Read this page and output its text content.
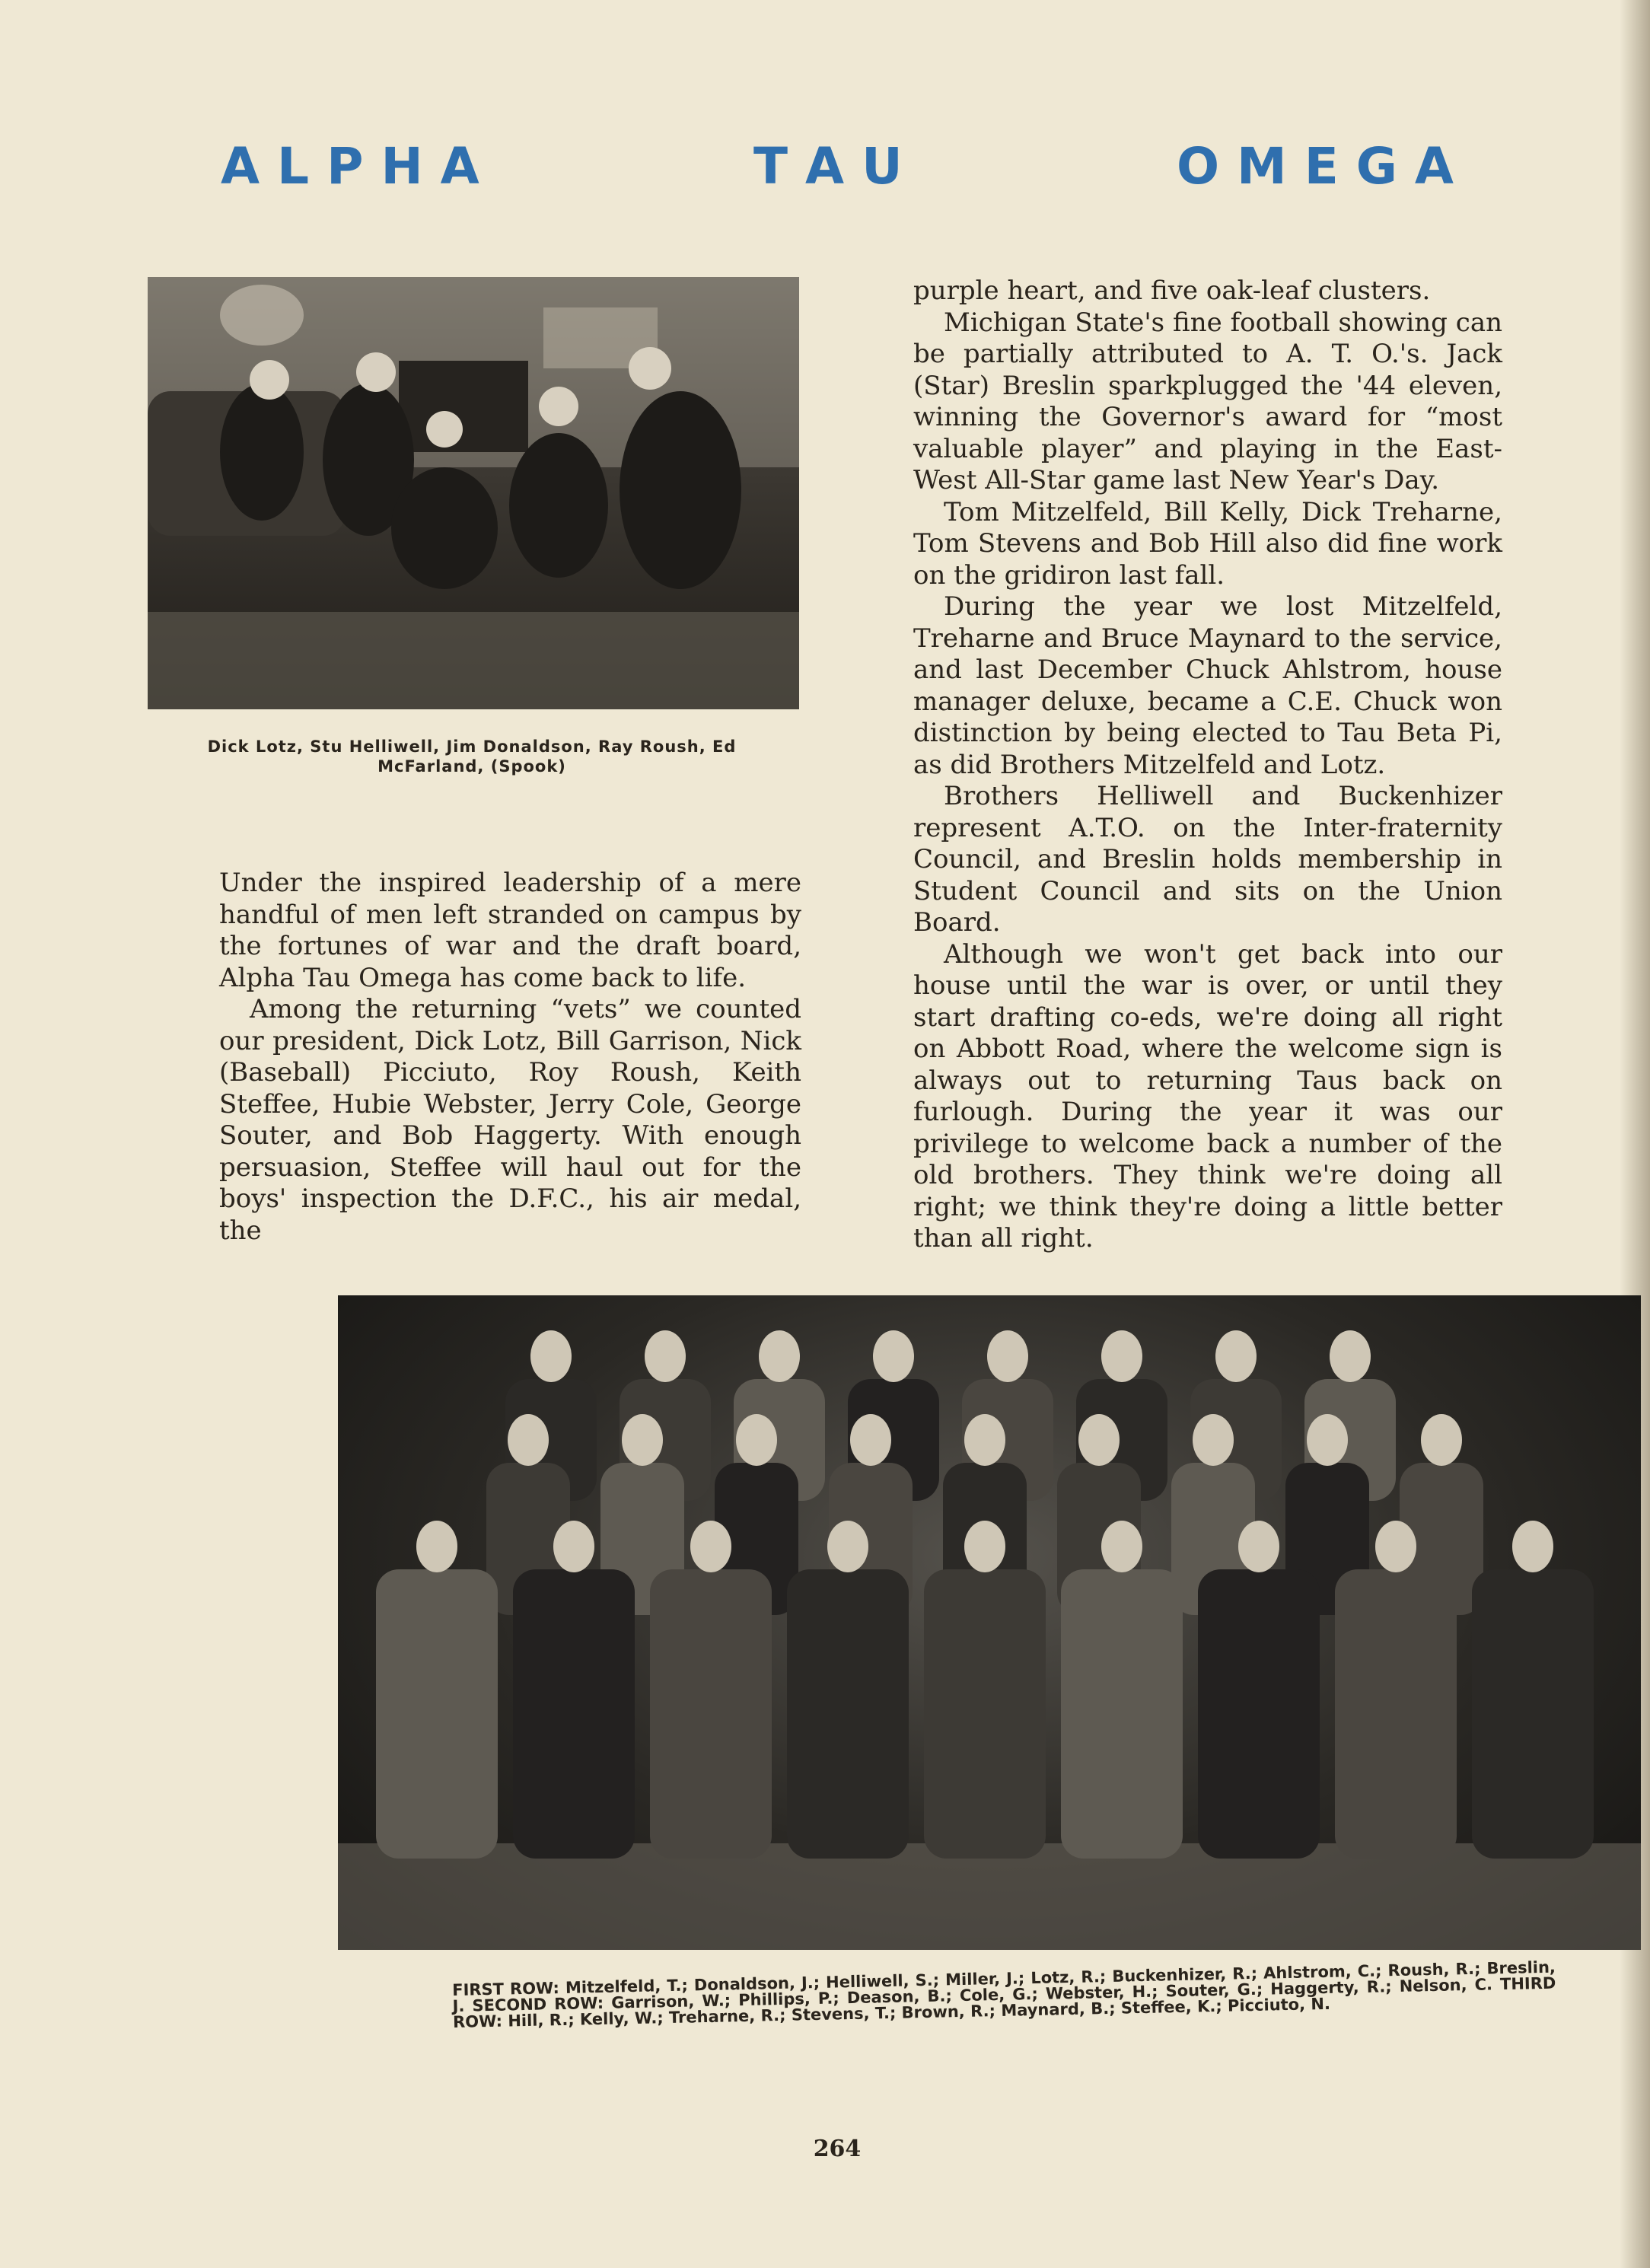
A L P H A	T A U	O M E G A
Dick Lotz, Stu Helliwell, Jim Donaldson, Ray Roush, Ed McFarland, (Spook)

Under the inspired leadership of a mere handful of men left stranded on campus by the fortunes of war and the draft board, Alpha Tau Omega has come back to life.

Among the returning “vets” we counted our president, Dick Lotz, Bill Garrison, Nick (Baseball) Picciuto, Roy Roush, Keith Steffee, Hubie Webster, Jerry Cole, George Souter, and Bob Haggerty. With enough persuasion, Steffee will haul out for the boys' inspection the D.F.C., his air medal, the

purple heart, and five oak-leaf clusters.

Michigan State's fine football showing can be partially attributed to A. T. O.'s. Jack (Star) Breslin sparkplugged the '44 eleven, winning the Governor's award for “most valuable player” and playing in the East-West All-Star game last New Year's Day.

Tom Mitzelfeld, Bill Kelly, Dick Treharne, Tom Stevens and Bob Hill also did fine work on the gridiron last fall.

During the year we lost Mitzelfeld, Treharne and Bruce Maynard to the service, and last December Chuck Ahlstrom, house manager deluxe, became a C.E. Chuck won distinction by being elected to Tau Beta Pi, as did Brothers Mitzelfeld and Lotz.

Brothers Helliwell and Buckenhizer represent A.T.O. on the Inter-fraternity Council, and Breslin holds membership in Student Council and sits on the Union Board.

Although we won't get back into our house until the war is over, or until they start drafting co-eds, we're doing all right on Abbott Road, where the welcome sign is always out to returning Taus back on furlough. During the year it was our privilege to welcome back a number of the old brothers. They think we're doing all right; we think they're doing a little better than all right.

FIRST ROW: Mitzelfeld, T.; Donaldson, J.; Helliwell, S.; Miller, J.; Lotz, R.; Buckenhizer, R.; Ahlstrom, C.; Roush, R.; Breslin, J. SECOND ROW: Garrison, W.; Phillips, P.; Deason, B.; Cole, G.; Webster, H.; Souter, G.; Haggerty, R.; Nelson, C. THIRD ROW: Hill, R.; Kelly, W.; Treharne, R.; Stevens, T.; Brown, R.; Maynard, B.; Steffee, K.; Picciuto, N.
264
